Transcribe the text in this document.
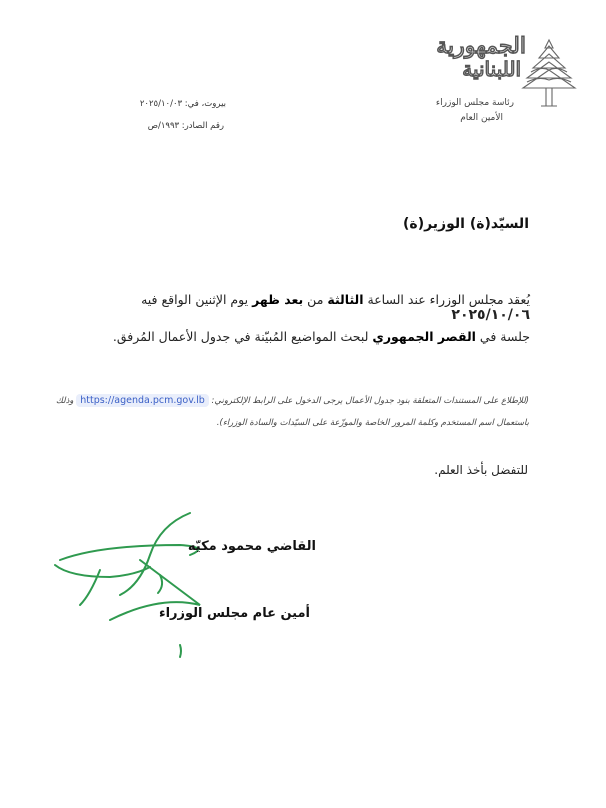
الجمهورية
اللبنانية
رئاسة مجلس الوزراء
الأمين العام
بيروت، في: ٢٠٢٥/١٠/٠٣
رقم الصادر: ١٩٩٣/ص
السيّد(ة) الوزير(ة)
يُعقد مجلس الوزراء عند الساعة الثالثة من بعد ظهر يوم الإثنين الواقع فيه ٢٠٢٥/١٠/٠٦
جلسة في القصر الجمهوري لبحث المواضيع المُبيّنة في جدول الأعمال المُرفق.
(للإطلاع على المستندات المتعلقة بنود جدول الأعمال يرجى الدخول على الرابط الإلكتروني: https://agenda.pcm.gov.lb وذلك
باستعمال اسم المستخدم وكلمة المرور الخاصة والموزّعة على السيّدات والسادة الوزراء).
للتفضل بأخذ العلم.
القاضي محمود مكيّه
أمين عام مجلس الوزراء
